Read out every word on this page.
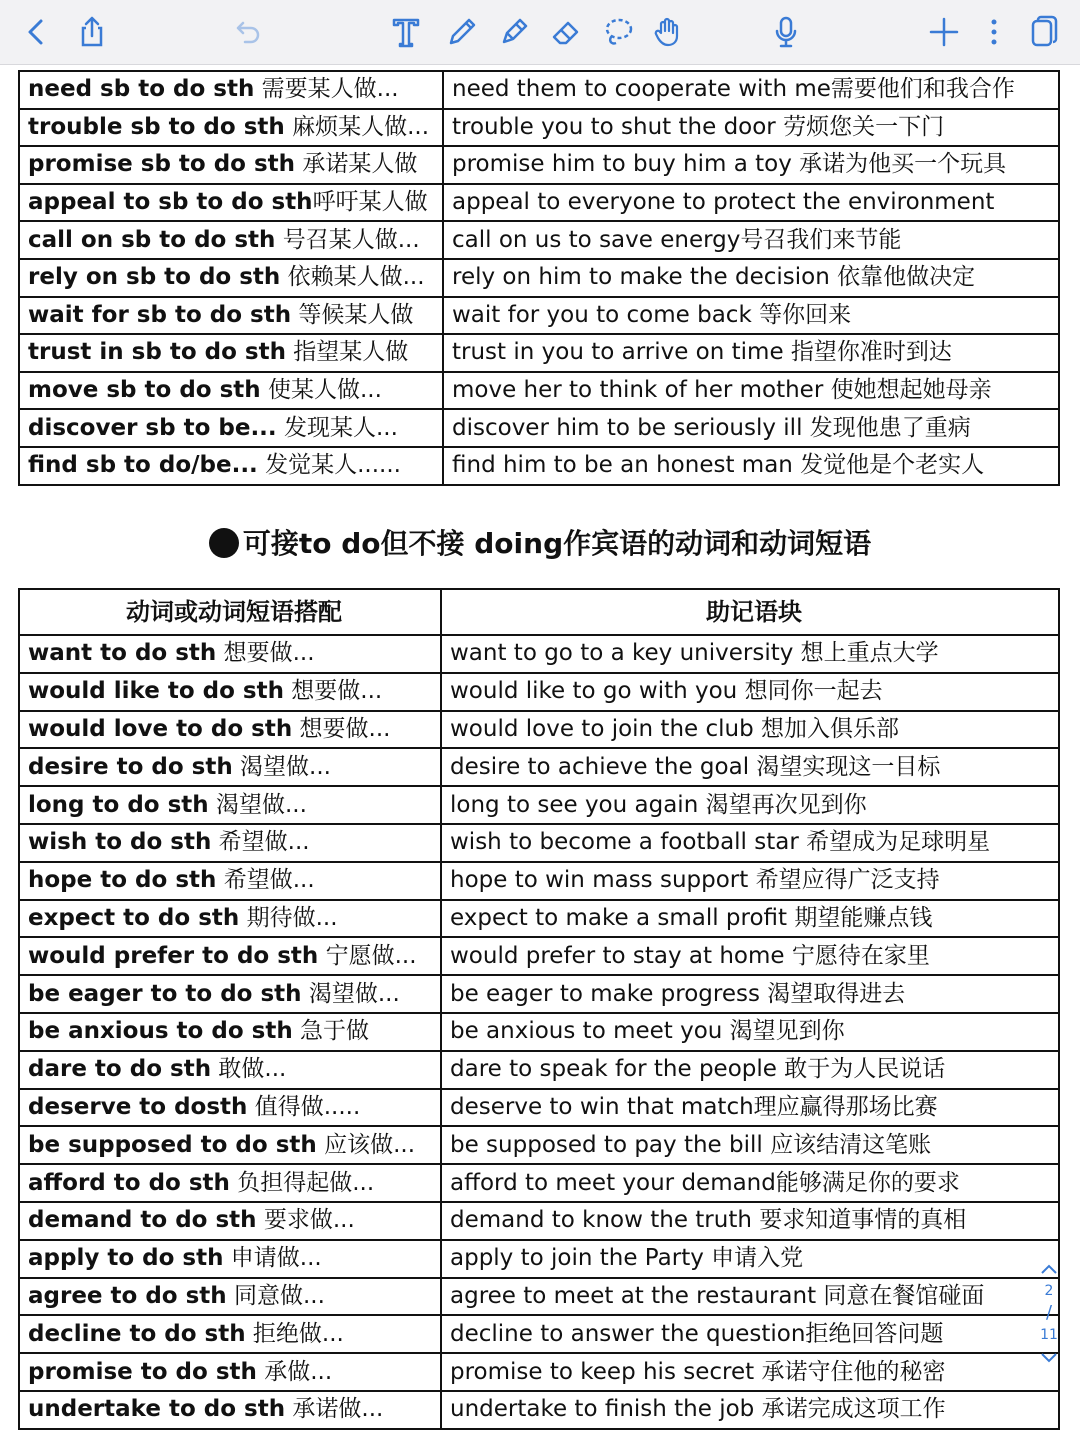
need sb to do sth 需要某人做...	need them to cooperate with me需要他们和我合作
trouble sb to do sth 麻烦某人做...	trouble you to shut the door 劳烦您关一下门
promise sb to do sth 承诺某人做	promise him to buy him a toy 承诺为他买一个玩具
appeal to sb to do sth呼吁某人做	appeal to everyone to protect the environment
call on sb to do sth 号召某人做...	call on us to save energy号召我们来节能
rely on sb to do sth 依赖某人做...	rely on him to make the decision 依靠他做决定
wait for sb to do sth 等候某人做	wait for you to come back 等你回来
trust in sb to do sth 指望某人做	trust in you to arrive on time 指望你准时到达
move sb to do sth 使某人做...	move her to think of her mother 使她想起她母亲
discover sb to be... 发现某人...	discover him to be seriously ill 发现他患了重病
find sb to do/be... 发觉某人......	find him to be an honest man 发觉他是个老实人
可接to do但不接 doing作宾语的动词和动词短语
动词或动词短语搭配	助记语块
want to do sth 想要做...	want to go to a key university 想上重点大学
would like to do sth 想要做...	would like to go with you 想同你一起去
would love to do sth 想要做...	would love to join the club 想加入俱乐部
desire to do sth 渴望做...	desire to achieve the goal 渴望实现这一目标
long to do sth 渴望做...	long to see you again 渴望再次见到你
wish to do sth 希望做...	wish to become a football star 希望成为足球明星
hope to do sth 希望做...	hope to win mass support 希望应得广泛支持
expect to do sth 期待做...	expect to make a small profit 期望能赚点钱
would prefer to do sth 宁愿做...	would prefer to stay at home 宁愿待在家里
be eager to to do sth 渴望做...	be eager to make progress 渴望取得进去
be anxious to do sth 急于做	be anxious to meet you 渴望见到你
dare to do sth 敢做...	dare to speak for the people 敢于为人民说话
deserve to dosth 值得做.....	deserve to win that match理应赢得那场比赛
be supposed to do sth 应该做...	be supposed to pay the bill 应该结清这笔账
afford to do sth 负担得起做...	afford to meet your demand能够满足你的要求
demand to do sth 要求做...	demand to know the truth 要求知道事情的真相
apply to do sth 申请做...	apply to join the Party 申请入党
agree to do sth 同意做...	agree to meet at the restaurant 同意在餐馆碰面
decline to do sth 拒绝做...	decline to answer the question拒绝回答问题
promise to do sth 承做...	promise to keep his secret 承诺守住他的秘密
undertake to do sth 承诺做...	undertake to finish the job 承诺完成这项工作
2
/
11
